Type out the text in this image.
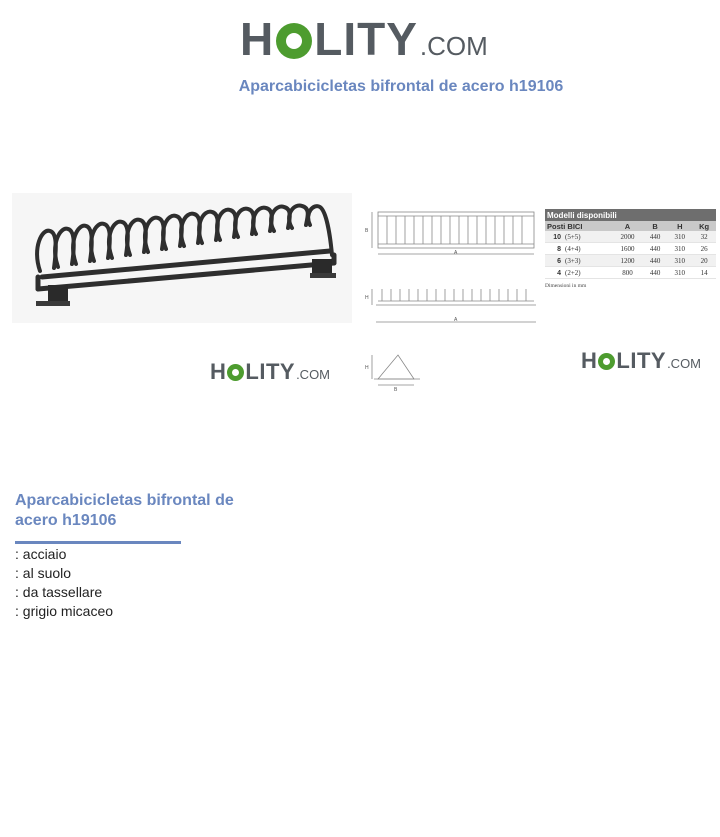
H LITY .COM
Aparcabicicletas bifrontal de acero h19106
B
A
H
A
H
B
Modelli disponibili				
Posti BICI	A	B	H	Kg
10 (5+5)	2000	440	310	32
8 (4+4)	1600	440	310	26
6 (3+3)	1200	440	310	20
4 (2+2)	800	440	310	14
Dimensioni in mm
H LITY .COM
H LITY .COM
Aparcabicicletas bifrontal de acero h19106
: acciaio
: al suolo
: da tassellare
: grigio micaceo
